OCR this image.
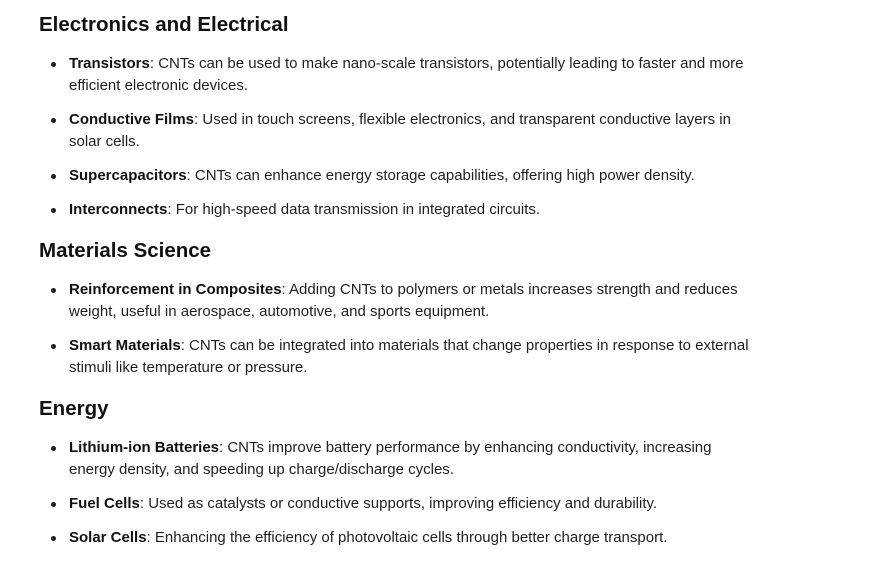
Electronics and Electrical
Transistors: CNTs can be used to make nano-scale transistors, potentially leading to faster and more efficient electronic devices.
Conductive Films: Used in touch screens, flexible electronics, and transparent conductive layers in solar cells.
Supercapacitors: CNTs can enhance energy storage capabilities, offering high power density.
Interconnects: For high-speed data transmission in integrated circuits.
Materials Science
Reinforcement in Composites: Adding CNTs to polymers or metals increases strength and reduces weight, useful in aerospace, automotive, and sports equipment.
Smart Materials: CNTs can be integrated into materials that change properties in response to external stimuli like temperature or pressure.
Energy
Lithium-ion Batteries: CNTs improve battery performance by enhancing conductivity, increasing energy density, and speeding up charge/discharge cycles.
Fuel Cells: Used as catalysts or conductive supports, improving efficiency and durability.
Solar Cells: Enhancing the efficiency of photovoltaic cells through better charge transport.
